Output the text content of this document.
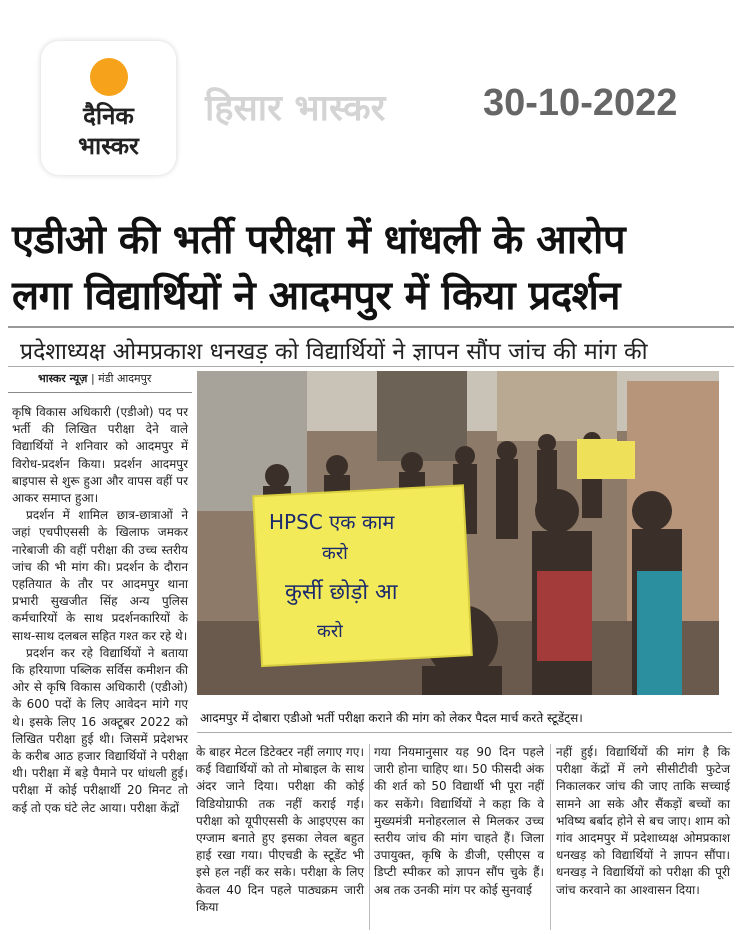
दैनिक
भास्कर
हिसार भास्कर	30-10-2022
एडीओ की भर्ती परीक्षा में धांधली के आरोप
लगा विद्यार्थियों ने आदमपुर में किया प्रदर्शन
प्रदेशाध्यक्ष ओमप्रकाश धनखड़ को विद्यार्थियों ने ज्ञापन सौंप जांच की मांग की
भास्कर न्यूज़ | मंडी आदमपुर

कृषि विकास अधिकारी (एडीओ) पद पर भर्ती की लिखित परीक्षा देने वाले विद्यार्थियों ने शनिवार को आदमपुर में विरोध-प्रदर्शन किया। प्रदर्शन आदमपुर बाइपास से शुरू हुआ और वापस वहीं पर आकर समाप्त हुआ।

प्रदर्शन में शामिल छात्र-छात्राओं ने जहां एचपीएससी के खिलाफ जमकर नारेबाजी की वहीं परीक्षा की उच्च स्तरीय जांच की भी मांग की। प्रदर्शन के दौरान एहतियात के तौर पर आदमपुर थाना प्रभारी सुखजीत सिंह अन्य पुलिस कर्मचारियों के साथ प्रदर्शनकारियों के साथ-साथ दलबल सहित गश्त कर रहे थे।

प्रदर्शन कर रहे विद्यार्थियों ने बताया कि हरियाणा पब्लिक सर्विस कमीशन की ओर से कृषि विकास अधिकारी (एडीओ) के 600 पदों के लिए आवेदन मांगे गए थे। इसके लिए 16 अक्टूबर 2022 को लिखित परीक्षा हुई थी। जिसमें प्रदेशभर के करीब आठ हजार विद्यार्थियों ने परीक्षा थी। परीक्षा में बड़े पैमाने पर धांधली हुई। परीक्षा में कोई परीक्षार्थी 20 मिनट तो कई तो एक घंटे लेट आया। परीक्षा केंद्रों

HPSC एक काम
करो
कुर्सी छोड़ो आ
करो
आदमपुर में दोबारा एडीओ भर्ती परीक्षा कराने की मांग को लेकर पैदल मार्च करते स्टूडेंट्स।
के बाहर मेटल डिटेक्टर नहीं लगाए गए। कई विद्यार्थियों को तो मोबाइल के साथ अंदर जाने दिया। परीक्षा की कोई विडियोग्राफी तक नहीं कराई गई। परीक्षा को यूपीएससी के आइएएस का एग्जाम बनाते हुए इसका लेवल बहुत हाई रखा गया। पीएचडी के स्टूडेंट भी इसे हल नहीं कर सके। परीक्षा के लिए केवल 40 दिन पहले पाठ्यक्रम जारी किया
गया नियमानुसार यह 90 दिन पहले जारी होना चाहिए था। 50 फीसदी अंक की शर्त को 50 विद्यार्थी भी पूरा नहीं कर सकेंगे। विद्यार्थियों ने कहा कि वे मुख्यमंत्री मनोहरलाल से मिलकर उच्च स्तरीय जांच की मांग चाहते हैं। जिला उपायुक्त, कृषि के डीजी, एसीएस व डिप्टी स्पीकर को ज्ञापन सौंप चुके हैं। अब तक उनकी मांग पर कोई सुनवाई
नहीं हुई। विद्यार्थियों की मांग है कि परीक्षा केंद्रों में लगे सीसीटीवी फुटेज निकालकर जांच की जाए ताकि सच्चाई सामने आ सके और सैंकड़ों बच्चों का भविष्य बर्बाद होने से बच जाए। शाम को गांव आदमपुर में प्रदेशाध्यक्ष ओमप्रकाश धनखड़ को विद्यार्थियों ने ज्ञापन सौंपा। धनखड़ ने विद्यार्थियों को परीक्षा की पूरी जांच करवाने का आश्वासन दिया।
